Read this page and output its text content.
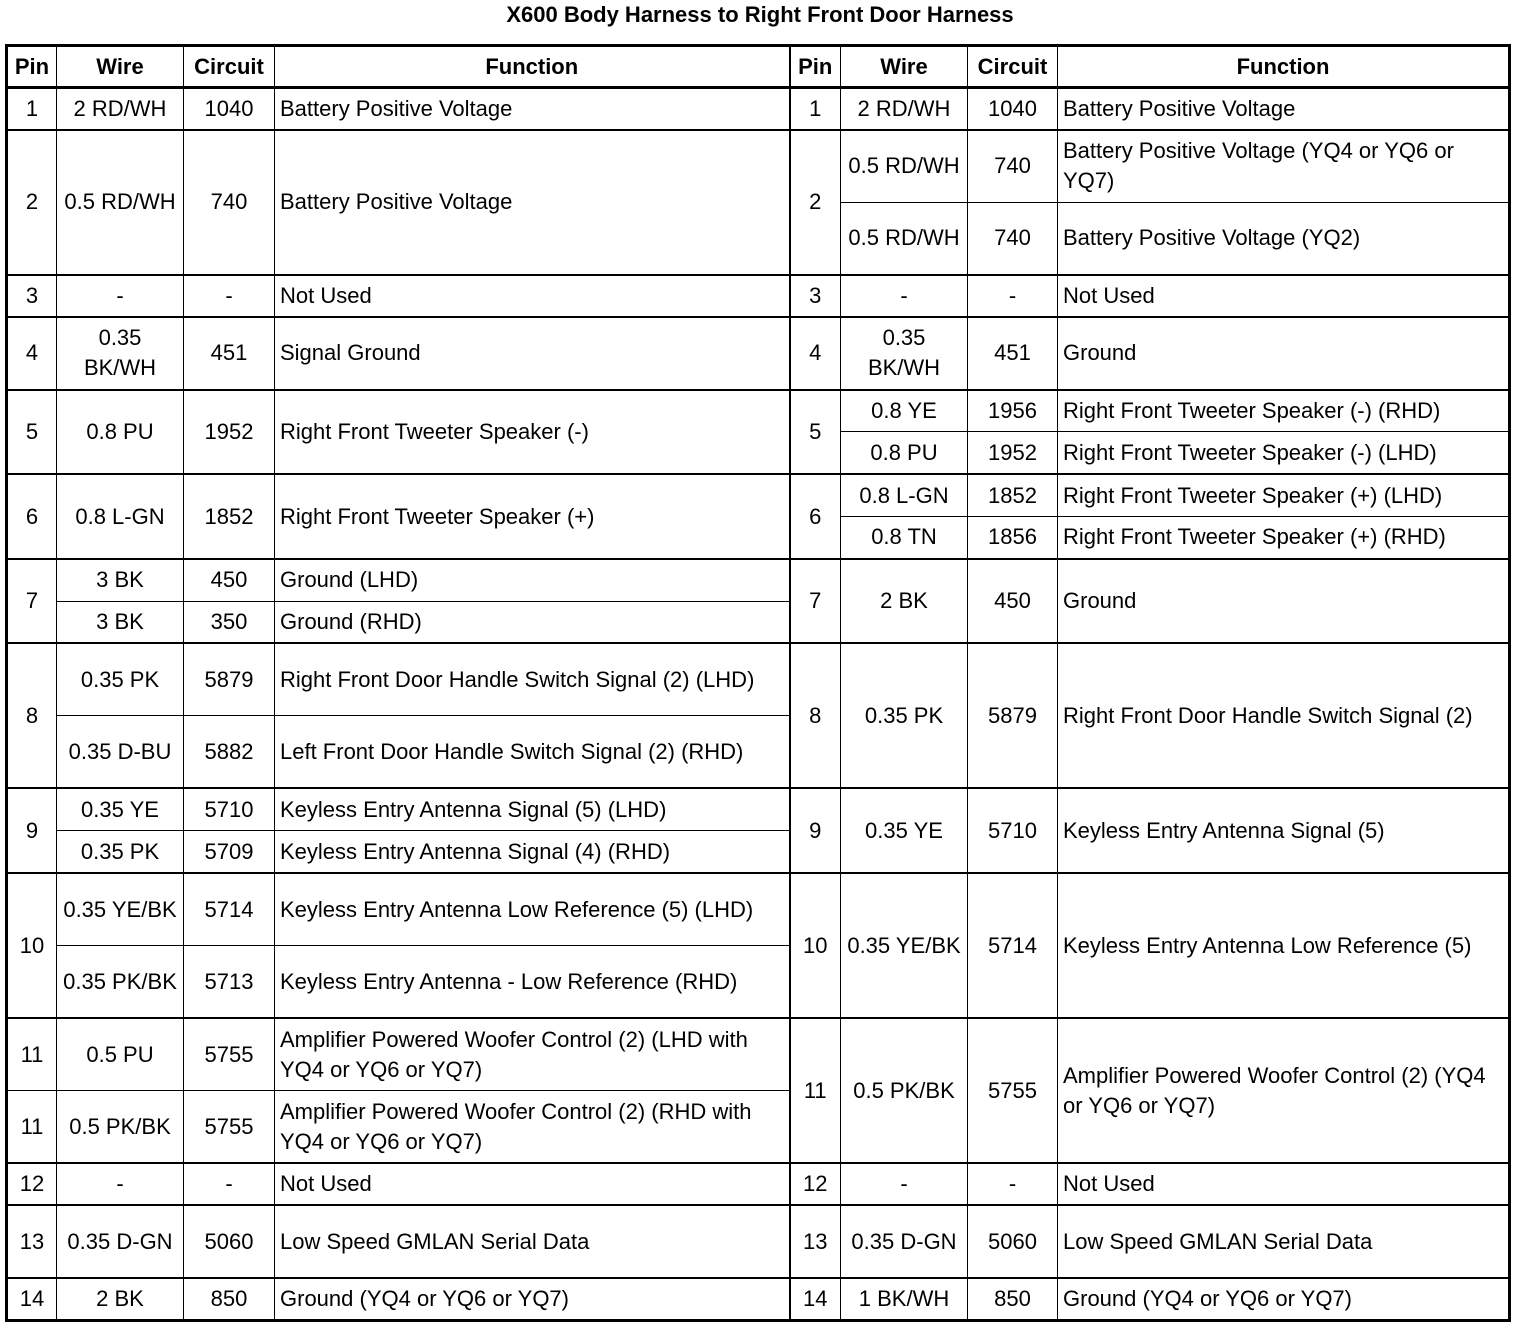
X600 Body Harness to Right Front Door Harness
Pin	Wire	Circuit	Function	Pin	Wire	Circuit	Function
1	2 RD/WH	1040	Battery Positive Voltage	1	2 RD/WH	1040	Battery Positive Voltage
2	0.5 RD/WH	740	Battery Positive Voltage	2	0.5 RD/WH	740	Battery Positive Voltage (YQ4 or YQ6 or YQ7)
					0.5 RD/WH	740	Battery Positive Voltage (YQ2)
3	-	-	Not Used	3	-	-	Not Used
4	0.35 BK/WH	451	Signal Ground	4	0.35 BK/WH	451	Ground
5	0.8 PU	1952	Right Front Tweeter Speaker (-)	5	0.8 YE	1956	Right Front Tweeter Speaker (-) (RHD)
					0.8 PU	1952	Right Front Tweeter Speaker (-) (LHD)
6	0.8 L-GN	1852	Right Front Tweeter Speaker (+)	6	0.8 L-GN	1852	Right Front Tweeter Speaker (+) (LHD)
					0.8 TN	1856	Right Front Tweeter Speaker (+) (RHD)
7	3 BK	450	Ground (LHD)	7	2 BK	450	Ground
	3 BK	350	Ground (RHD)				
8	0.35 PK	5879	Right Front Door Handle Switch Signal (2) (LHD)	8	0.35 PK	5879	Right Front Door Handle Switch Signal (2)
	0.35 D-BU	5882	Left Front Door Handle Switch Signal (2) (RHD)				
9	0.35 YE	5710	Keyless Entry Antenna Signal (5) (LHD)	9	0.35 YE	5710	Keyless Entry Antenna Signal (5)
	0.35 PK	5709	Keyless Entry Antenna Signal (4) (RHD)				
10	0.35 YE/BK	5714	Keyless Entry Antenna Low Reference (5) (LHD)	10	0.35 YE/BK	5714	Keyless Entry Antenna Low Reference (5)
	0.35 PK/BK	5713	Keyless Entry Antenna - Low Reference (RHD)				
11	0.5 PU	5755	Amplifier Powered Woofer Control (2) (LHD with YQ4 or YQ6 or YQ7)	11	0.5 PK/BK	5755	Amplifier Powered Woofer Control (2) (YQ4 or YQ6 or YQ7)
11	0.5 PK/BK	5755	Amplifier Powered Woofer Control (2) (RHD with YQ4 or YQ6 or YQ7)				
12	-	-	Not Used	12	-	-	Not Used
13	0.35 D-GN	5060	Low Speed GMLAN Serial Data	13	0.35 D-GN	5060	Low Speed GMLAN Serial Data
14	2 BK	850	Ground (YQ4 or YQ6 or YQ7)	14	1 BK/WH	850	Ground (YQ4 or YQ6 or YQ7)
